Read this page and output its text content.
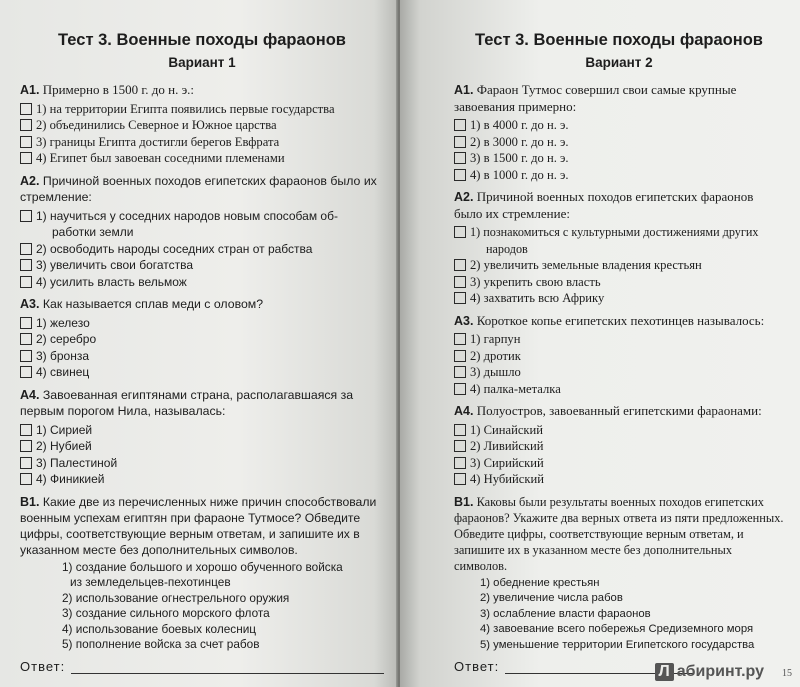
Тест 3. Военные походы фараонов
Вариант 1

А1. Примерно в 1500 г. до н. э.:

1) на территории Египта появились первые государства
2) объединились Северное и Южное царства
3) границы Египта достигли берегов Евфрата
4) Египет был завоеван соседними племенами

А2. Причиной военных походов египетских фараонов было их стремление:

1) научиться у соседних народов новым способам об-
работки земли
2) освободить народы соседних стран от рабства
3) увеличить свои богатства
4) усилить власть вельмож

А3. Как называется сплав меди с оловом?

1) железо
2) серебро
3) бронза
4) свинец

А4. Завоеванная египтянами страна, располагавшаяся за первым порогом Нила, называлась:

1) Сирией
2) Нубией
3) Палестиной
4) Финикией

В1. Какие две из перечисленных ниже причин способствовали военным успехам египтян при фараоне Тутмосе? Обведите цифры, соответствующие верным ответам, и запишите их в указанном месте без дополнительных символов.

1) создание большого и хорошо обученного войска
из земледельцев-пехотинцев
2) использование огнестрельного оружия
3) создание сильного морского флота
4) использование боевых колесниц
5) пополнение войска за счет рабов
Ответ:
Тест 3. Военные походы фараонов
Вариант 2

А1. Фараон Тутмос совершил свои самые крупные завоевания примерно:

1) в 4000 г. до н. э.
2) в 3000 г. до н. э.
3) в 1500 г. до н. э.
4) в 1000 г. до н. э.

А2. Причиной военных походов египетских фараонов было их стремление:

1) познакомиться с культурными достижениями других
народов
2) увеличить земельные владения крестьян
3) укрепить свою власть
4) захватить всю Африку

А3. Короткое копье египетских пехотинцев называлось:

1) гарпун
2) дротик
3) дышло
4) палка-металка

А4. Полуостров, завоеванный египетскими фараонами:

1) Синайский
2) Ливийский
3) Сирийский
4) Нубийский

В1. Каковы были результаты военных походов египетских фараонов? Укажите два верных ответа из пяти предложенных. Обведите цифры, соответствующие верным ответам, и запишите их в указанном месте без дополнительных символов.

1) обеднение крестьян
2) увеличение числа рабов
3) ослабление власти фараонов
4) завоевание всего побережья Средиземного моря
5) уменьшение территории Египетского государства
Ответ:	Л абиринт.ру 15
